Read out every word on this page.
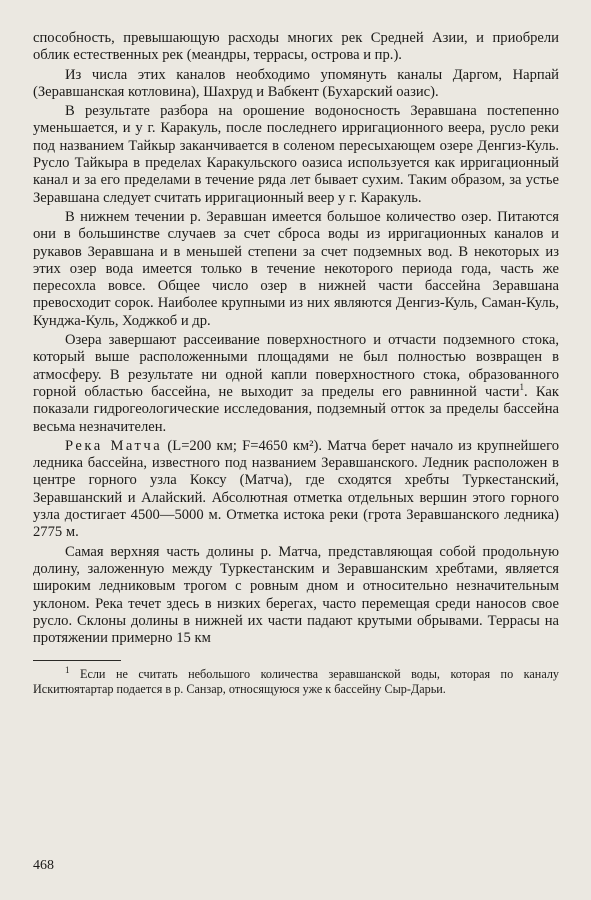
способность, превышающую расходы многих рек Средней Азии, и приобрели облик естественных рек (меандры, террасы, острова и пр.).

Из числа этих каналов необходимо упомянуть каналы Даргом, Нарпай (Зеравшанская котловина), Шахруд и Вабкент (Бухарский оазис).

В результате разбора на орошение водоносность Зеравшана постепенно уменьшается, и у г. Каракуль, после последнего ирригационного веера, русло реки под названием Тайкыр заканчивается в соленом пересыхающем озере Денгиз-Куль. Русло Тайкыра в пределах Каракульского оазиса используется как ирригационный канал и за его пределами в течение ряда лет бывает сухим. Таким образом, за устье Зеравшана следует считать ирригационный веер у г. Каракуль.

В нижнем течении р. Зеравшан имеется большое количество озер. Питаются они в большинстве случаев за счет сброса воды из ирригационных каналов и рукавов Зеравшана и в меньшей степени за счет подземных вод. В некоторых из этих озер вода имеется только в течение некоторого периода года, часть же пересохла вовсе. Общее число озер в нижней части бассейна Зеравшана превосходит сорок. Наиболее крупными из них являются Денгиз-Куль, Саман-Куль, Кунджа-Куль, Ходжкоб и др.

Озера завершают рассеивание поверхностного и отчасти подземного стока, который выше расположенными площадями не был полностью возвращен в атмосферу. В результате ни одной капли поверхностного стока, образованного горной областью бассейна, не выходит за пределы его равнинной части$^1$. Как показали гидрогеологические исследования, подземный отток за пределы бассейна весьма незначителен.

Река Матча (L=200 км; F=4650 км²). Матча берет начало из крупнейшего ледника бассейна, известного под названием Зеравшанского. Ледник расположен в центре горного узла Коксу (Матча), где сходятся хребты Туркестанский, Зеравшанский и Алайский. Абсолютная отметка отдельных вершин этого горного узла достигает 4500—5000 м. Отметка истока реки (грота Зеравшанского ледника) 2775 м.

Самая верхняя часть долины р. Матча, представляющая собой продольную долину, заложенную между Туркестанским и Зеравшанским хребтами, является широким ледниковым трогом с ровным дном и относительно незначительным уклоном. Река течет здесь в низких берегах, часто перемещая среди наносов свое русло. Склоны долины в нижней их части падают крутыми обрывами. Террасы на протяжении примерно 15 км

$^1$ Если не считать небольшого количества зеравшанской воды, которая по каналу Искитюятартар подается в р. Санзар, относящуюся уже к бассейну Сыр-Дарьи.

468
